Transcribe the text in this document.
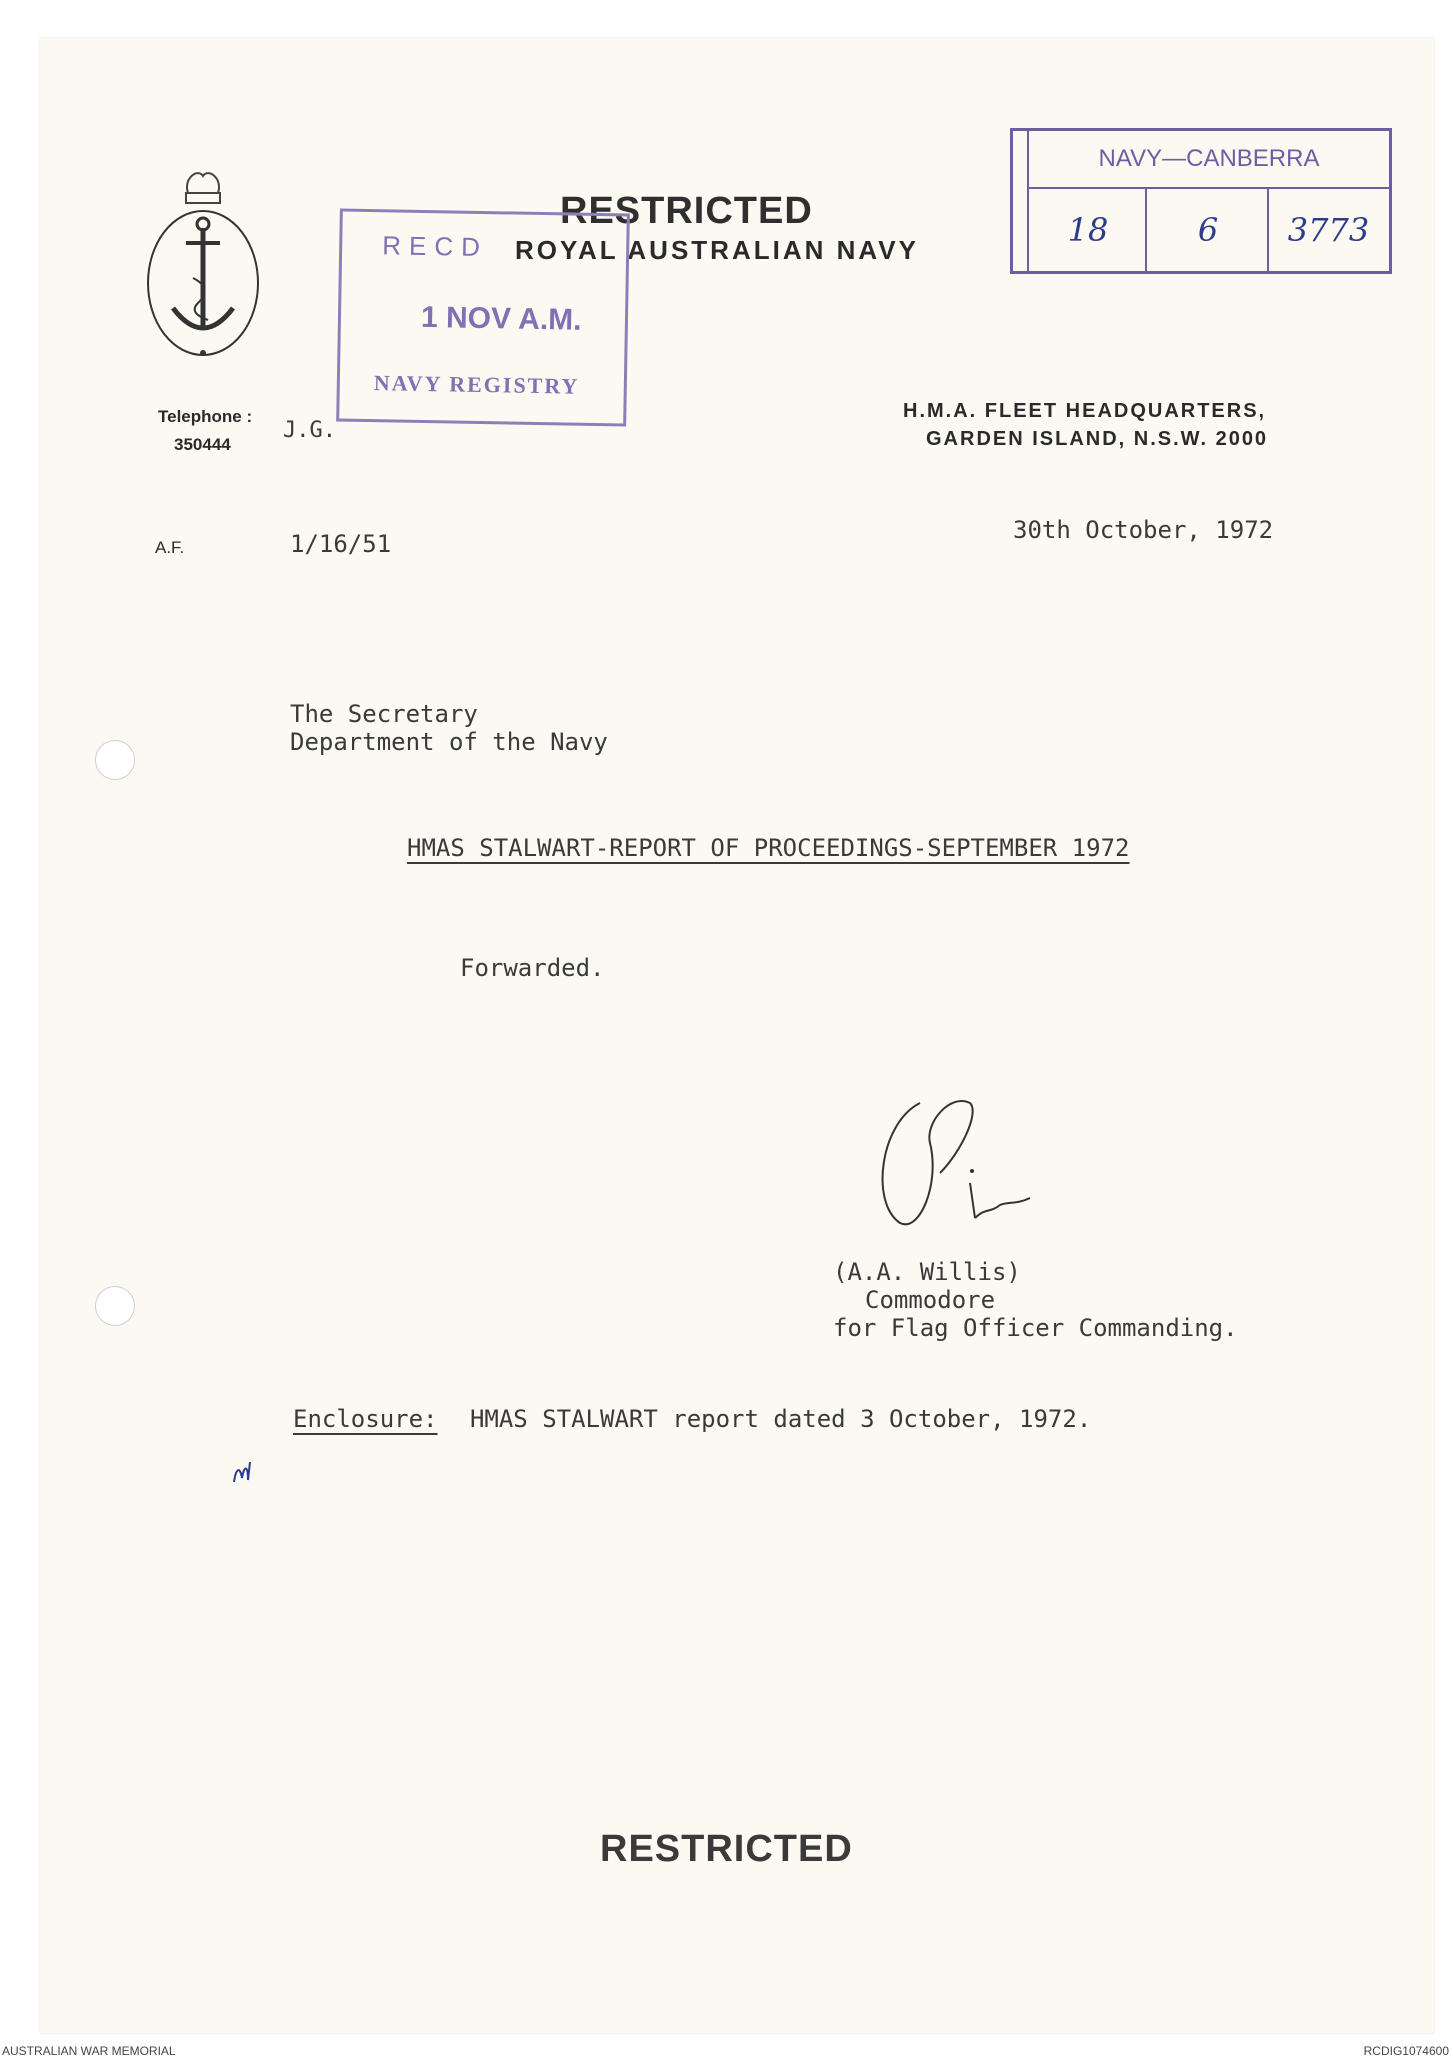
RESTRICTED
ROYAL AUSTRALIAN NAVY
RECD
1 NOV A.M.
NAVY REGISTRY
NAVY—CANBERRA
18	6	3773
Telephone :
350444
J.G.
H.M.A. FLEET HEADQUARTERS,
GARDEN ISLAND, N.S.W. 2000
A.F.	1/16/51	30th October, 1972
The Secretary
Department of the Navy
HMAS STALWART-REPORT OF PROCEEDINGS-SEPTEMBER 1972
Forwarded.
(A.A. Willis)
Commodore
for Flag Officer Commanding.
Enclosure: HMAS STALWART report dated 3 October, 1972.
RESTRICTED
AUSTRALIAN WAR MEMORIAL	RCDIG1074600
